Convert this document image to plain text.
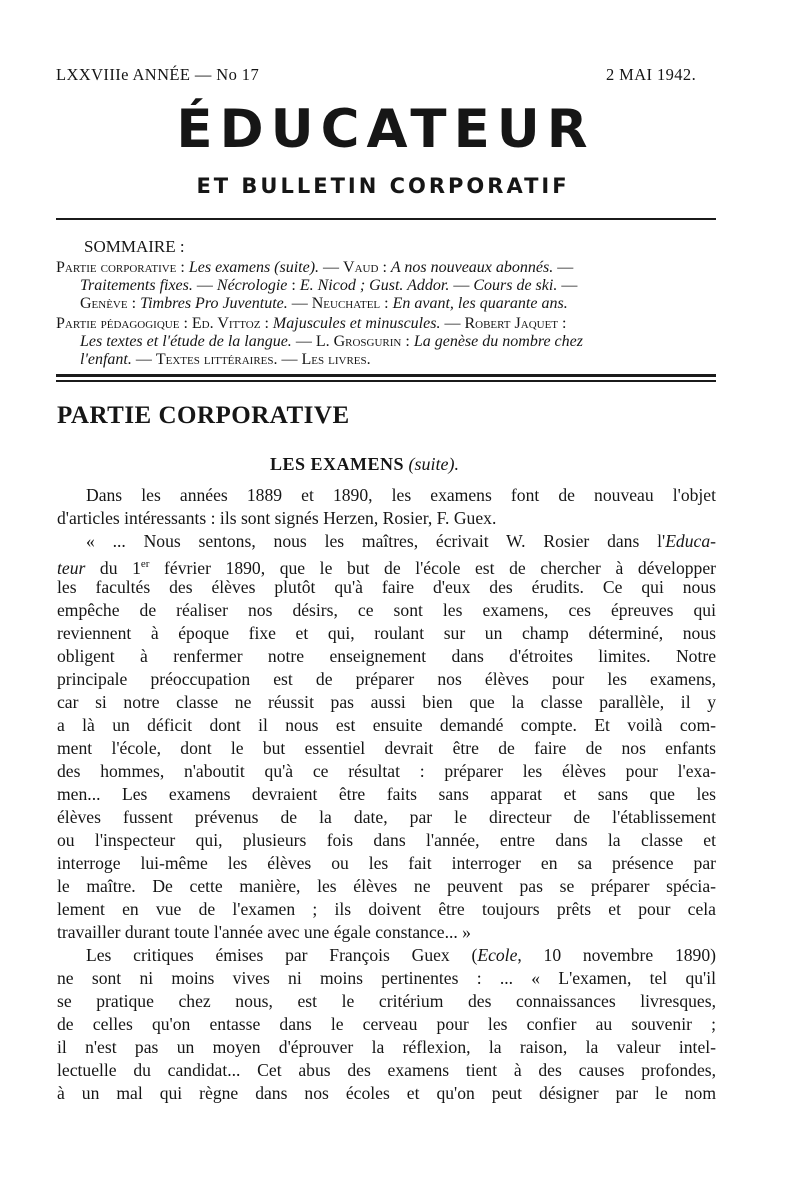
LXXVIIIe ANNÉE — No 17	2 MAI 1942.
ÉDUCATEUR
ET BULLETIN CORPORATIF
SOMMAIRE :
Partie corporative : Les examens (suite). — Vaud : A nos nouveaux abonnés. —
Traitements fixes. — Nécrologie : E. Nicod ; Gust. Addor. — Cours de ski. —
Genève : Timbres Pro Juventute. — Neuchatel : En avant, les quarante ans.
Partie pédagogique : Ed. Vittoz : Majuscules et minuscules. — Robert Jaquet :
Les textes et l'étude de la langue. — L. Grosgurin : La genèse du nombre chez
l'enfant. — Textes littéraires. — Les livres.
PARTIE CORPORATIVE
LES EXAMENS (suite).
Dans les années 1889 et 1890, les examens font de nouveau l'objet
d'articles intéressants : ils sont signés Herzen, Rosier, F. Guex.
« ... Nous sentons, nous les maîtres, écrivait W. Rosier dans l'Educa-
teur du 1er février 1890, que le but de l'école est de chercher à développer
les facultés des élèves plutôt qu'à faire d'eux des érudits. Ce qui nous
empêche de réaliser nos désirs, ce sont les examens, ces épreuves qui
reviennent à époque fixe et qui, roulant sur un champ déterminé, nous
obligent à renfermer notre enseignement dans d'étroites limites. Notre
principale préoccupation est de préparer nos élèves pour les examens,
car si notre classe ne réussit pas aussi bien que la classe parallèle, il y
a là un déficit dont il nous est ensuite demandé compte. Et voilà com-
ment l'école, dont le but essentiel devrait être de faire de nos enfants
des hommes, n'aboutit qu'à ce résultat : préparer les élèves pour l'exa-
men... Les examens devraient être faits sans apparat et sans que les
élèves fussent prévenus de la date, par le directeur de l'établissement
ou l'inspecteur qui, plusieurs fois dans l'année, entre dans la classe et
interroge lui-même les élèves ou les fait interroger en sa présence par
le maître. De cette manière, les élèves ne peuvent pas se préparer spécia-
lement en vue de l'examen ; ils doivent être toujours prêts et pour cela
travailler durant toute l'année avec une égale constance... »
Les critiques émises par François Guex (Ecole, 10 novembre 1890)
ne sont ni moins vives ni moins pertinentes : ... « L'examen, tel qu'il
se pratique chez nous, est le critérium des connaissances livresques,
de celles qu'on entasse dans le cerveau pour les confier au souvenir ;
il n'est pas un moyen d'éprouver la réflexion, la raison, la valeur intel-
lectuelle du candidat... Cet abus des examens tient à des causes profondes,
à un mal qui règne dans nos écoles et qu'on peut désigner par le nom
